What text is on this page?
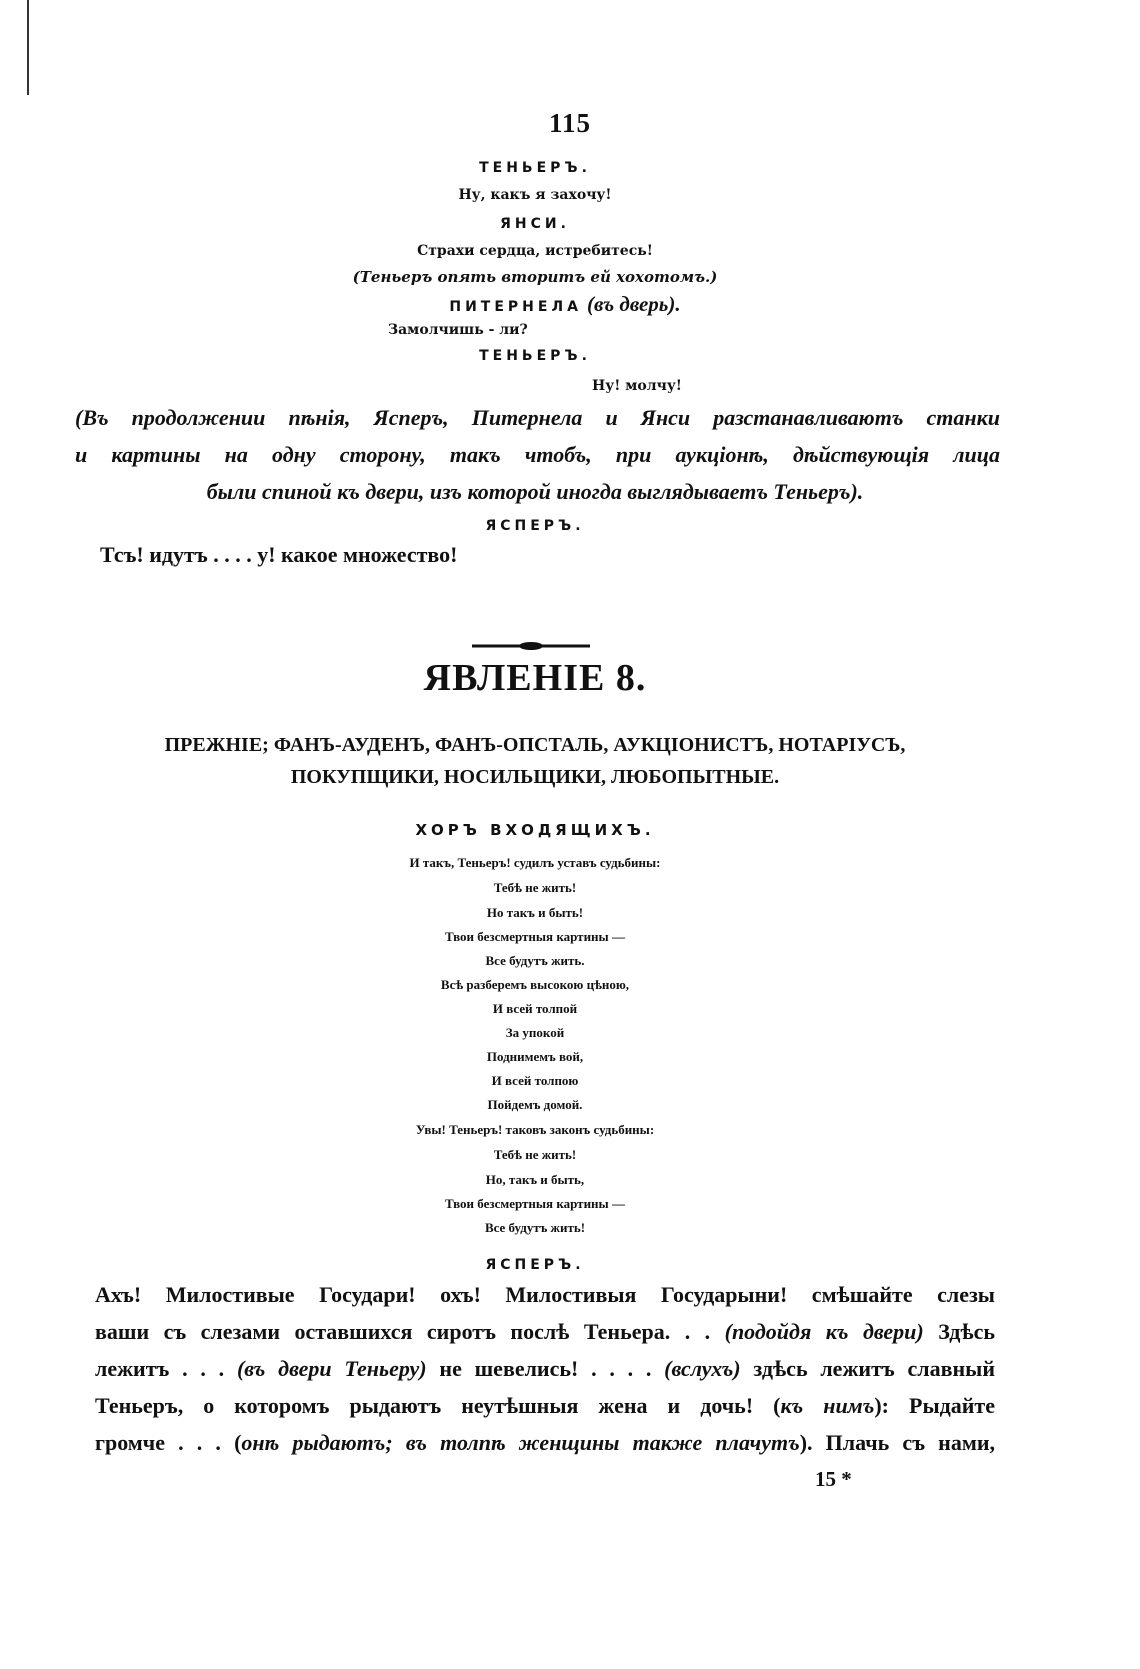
115
ТЕНЬЕРЪ.
Ну, какъ я захочу!
ЯНСИ.
Страхи сердца, истребитесь!
(Теньеръ опять вторитъ ей хохотомъ.)
ПИТЕРНЕЛА (въ дверь).
Замолчишь - ли?
ТЕНЬЕРЪ.
Ну! молчу!
(Въ продолжении пѣнія, Ясперъ, Питернела и Янси разстанавливаютъ станки
и картины на одну сторону, такъ чтобъ, при аукціонѣ, дѣйствующія лица
были спиной къ двери, изъ которой иногда выглядываетъ Теньеръ).
ЯСПЕРЪ.
Тсъ! идутъ . . . . у! какое множество!
ЯВЛЕНІЕ 8.
ПРЕЖНІЕ; ФАНЪ-АУДЕНЪ, ФАНЪ-ОПСТАЛЬ, АУКЦІОНИСТЪ, НОТАРІУСЪ,
ПОКУПЩИКИ, НОСИЛЬЩИКИ, ЛЮБОПЫТНЫЕ.
ХОРЪ ВХОДЯЩИХЪ.
И такъ, Теньеръ! судилъ уставъ судьбины:
Тебѣ не жить!
Но такъ и быть!
Твои безсмертныя картины —
Все будутъ жить.
Всѣ разберемъ высокою цѣною,
И всей толпой
За упокой
Поднимемъ вой,
И всей толпою
Пойдемъ домой.
Увы! Теньеръ! таковъ законъ судьбины:
Тебѣ не жить!
Но, такъ и быть,
Твои безсмертныя картины —
Все будутъ жить!
ЯСПЕРЪ.
Ахъ! Милостивые Государи! охъ! Милостивыя Государыни! смѣшайте слезы
ваши съ слезами оставшихся сиротъ послѣ Теньера. . . (подойдя къ двери) Здѣсь
лежитъ . . . (въ двери Теньеру) не шевелись! . . . . (вслухъ) здѣсь лежитъ славный
Теньеръ, о которомъ рыдаютъ неутѣшныя жена и дочь! (къ нимъ): Рыдайте
громче . . . (онѣ рыдаютъ; въ толпѣ женщины также плачутъ). Плачь съ нами,
15 *
